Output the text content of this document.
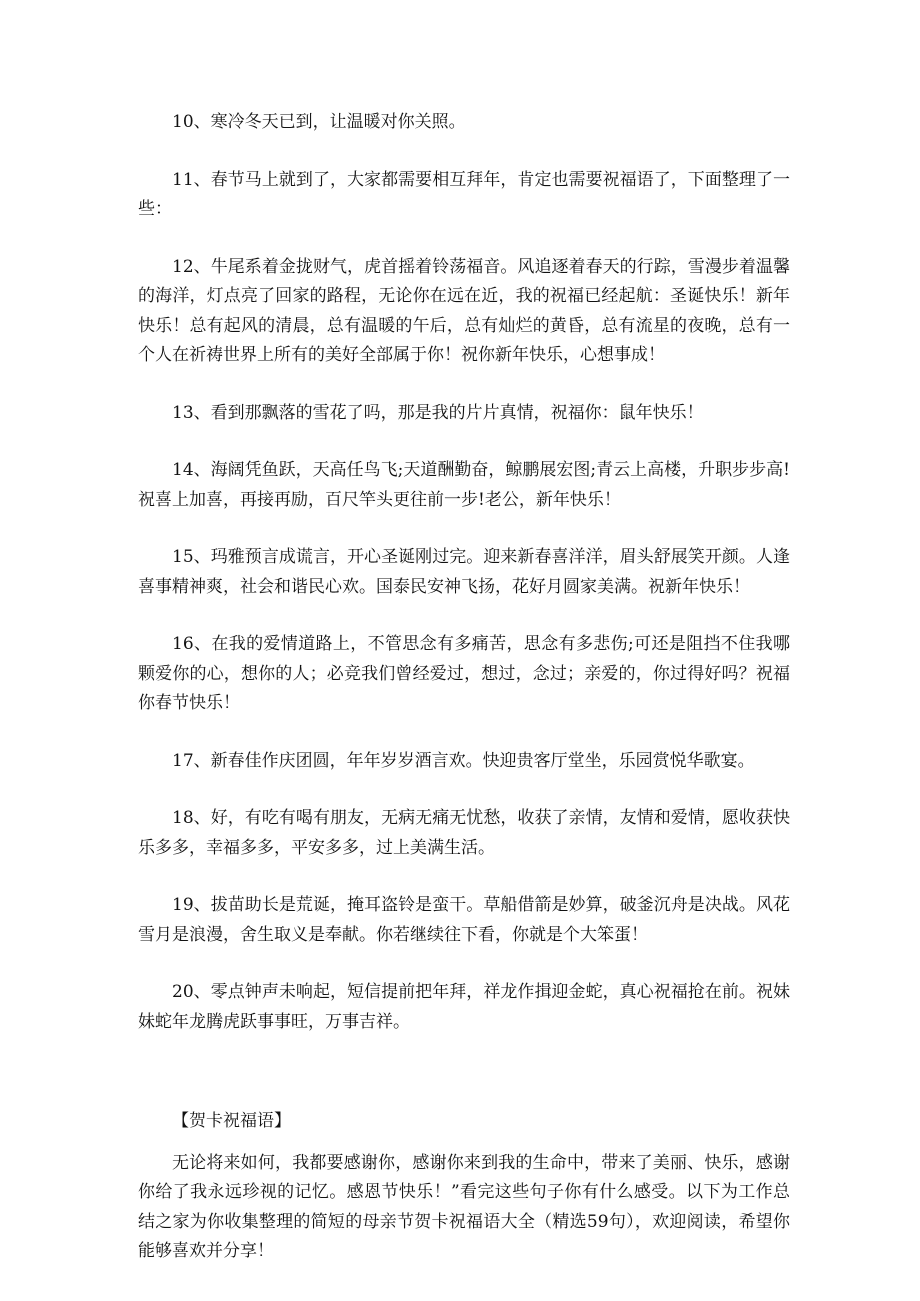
10、寒冷冬天已到，让温暖对你关照。

11、春节马上就到了，大家都需要相互拜年，肯定也需要祝福语了，下面整理了一些：

12、牛尾系着金拢财气，虎首摇着铃荡福音。风追逐着春天的行踪，雪漫步着温馨的海洋，灯点亮了回家的路程，无论你在远在近，我的祝福已经起航：圣诞快乐！新年快乐！总有起风的清晨，总有温暖的午后，总有灿烂的黄昏，总有流星的夜晚，总有一个人在祈祷世界上所有的美好全部属于你！祝你新年快乐，心想事成！

13、看到那飘落的雪花了吗，那是我的片片真情，祝福你：鼠年快乐！

14、海阔凭鱼跃，天高任鸟飞;天道酬勤奋，鲸鹏展宏图;青云上高楼，升职步步高!祝喜上加喜，再接再励，百尺竿头更往前一步!老公，新年快乐！

15、玛雅预言成谎言，开心圣诞刚过完。迎来新春喜洋洋，眉头舒展笑开颜。人逢喜事精神爽，社会和谐民心欢。国泰民安神飞扬，花好月圆家美满。祝新年快乐！

16、在我的爱情道路上，不管思念有多痛苦，思念有多悲伤;可还是阻挡不住我哪颗爱你的心，想你的人；必竞我们曾经爱过，想过，念过；亲爱的，你过得好吗？祝福你春节快乐！

17、新春佳作庆团圆，年年岁岁酒言欢。快迎贵客厅堂坐，乐园赏悦华歌宴。

18、好，有吃有喝有朋友，无病无痛无忧愁，收获了亲情，友情和爱情，愿收获快乐多多，幸福多多，平安多多，过上美满生活。

19、拔苗助长是荒诞，掩耳盗铃是蛮干。草船借箭是妙算，破釜沉舟是决战。风花雪月是浪漫，舍生取义是奉献。你若继续往下看，你就是个大笨蛋！

20、零点钟声未响起，短信提前把年拜，祥龙作揖迎金蛇，真心祝福抢在前。祝妹妹蛇年龙腾虎跃事事旺，万事吉祥。

【贺卡祝福语】

无论将来如何，我都要感谢你，感谢你来到我的生命中，带来了美丽、快乐，感谢你给了我永远珍视的记忆。感恩节快乐！”看完这些句子你有什么感受。以下为工作总结之家为你收集整理的简短的母亲节贺卡祝福语大全（精选59句），欢迎阅读，希望你能够喜欢并分享！
